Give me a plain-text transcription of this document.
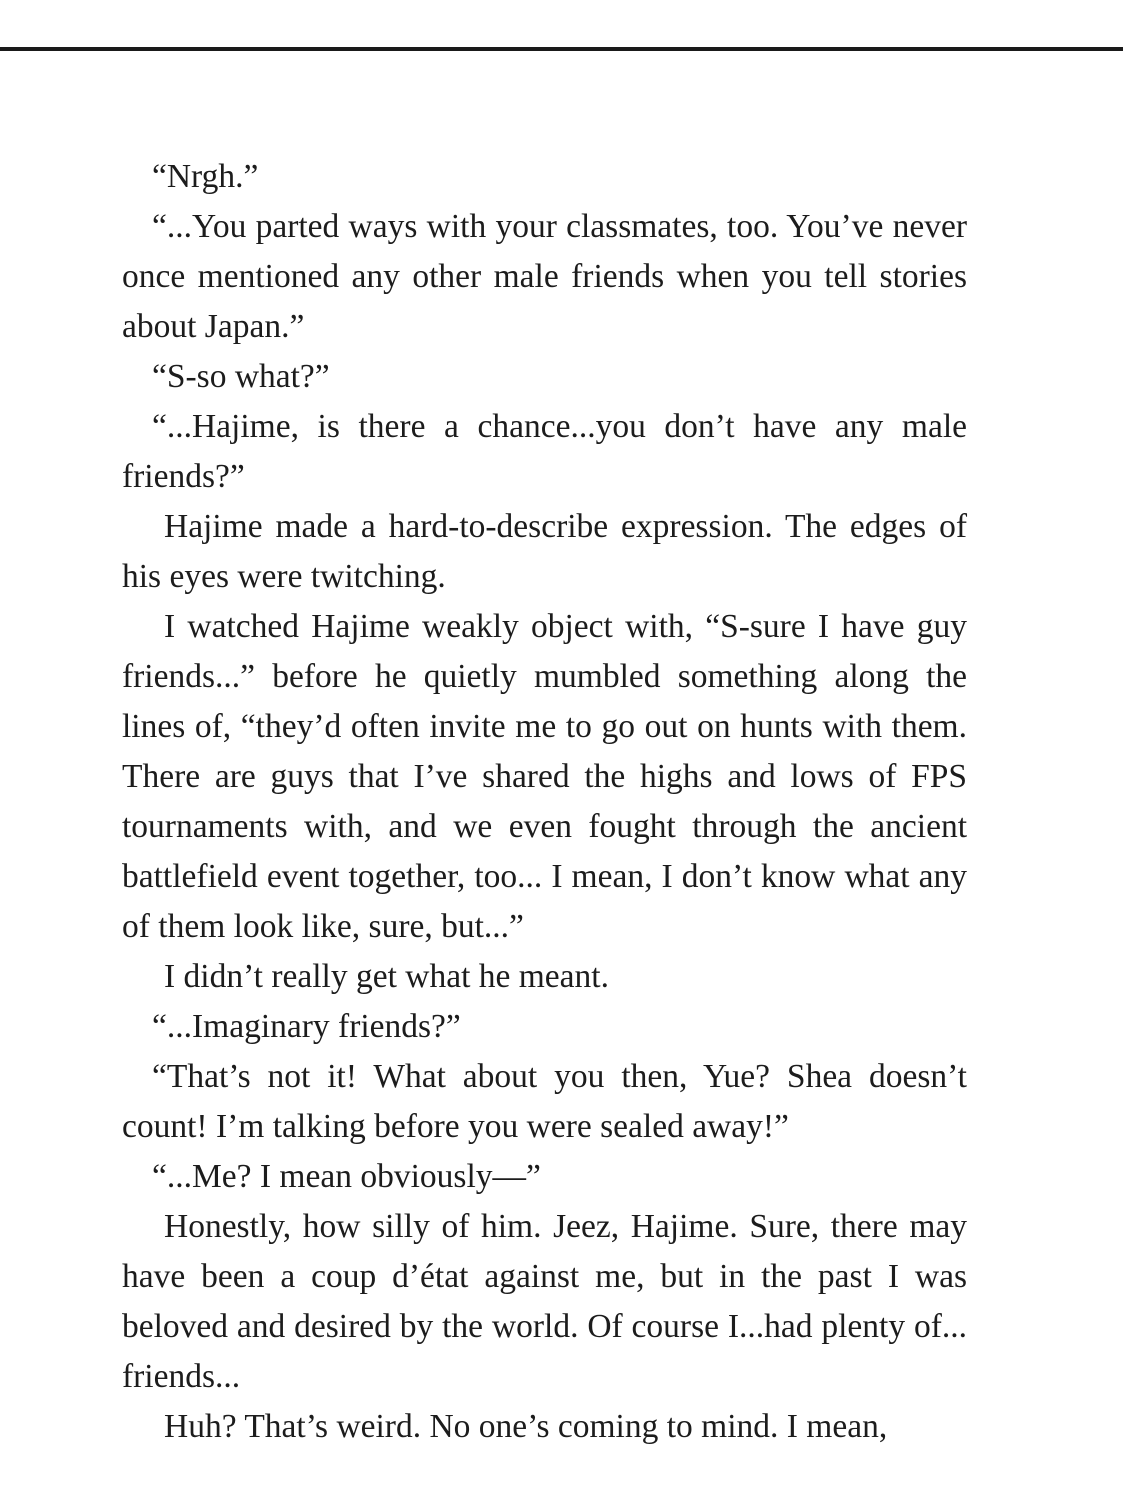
“Nrgh.”

“...You parted ways with your classmates, too. You’ve never once mentioned any other male friends when you tell stories about Japan.”

“S-so what?”

“...Hajime, is there a chance...you don’t have any male friends?”

Hajime made a hard-to-describe expression. The edges of his eyes were twitching.

I watched Hajime weakly object with, “S-sure I have guy friends...” before he quietly mumbled something along the lines of, “they’d often invite me to go out on hunts with them. There are guys that I’ve shared the highs and lows of FPS tournaments with, and we even fought through the ancient battlefield event together, too... I mean, I don’t know what any of them look like, sure, but...”

I didn’t really get what he meant.

“...Imaginary friends?”

“That’s not it! What about you then, Yue? Shea doesn’t count! I’m talking before you were sealed away!”

“...Me? I mean obviously—”

Honestly, how silly of him. Jeez, Hajime. Sure, there may have been a coup d’état against me, but in the past I was beloved and desired by the world. Of course I...had plenty of... friends...

Huh? That’s weird. No one’s coming to mind. I mean,
